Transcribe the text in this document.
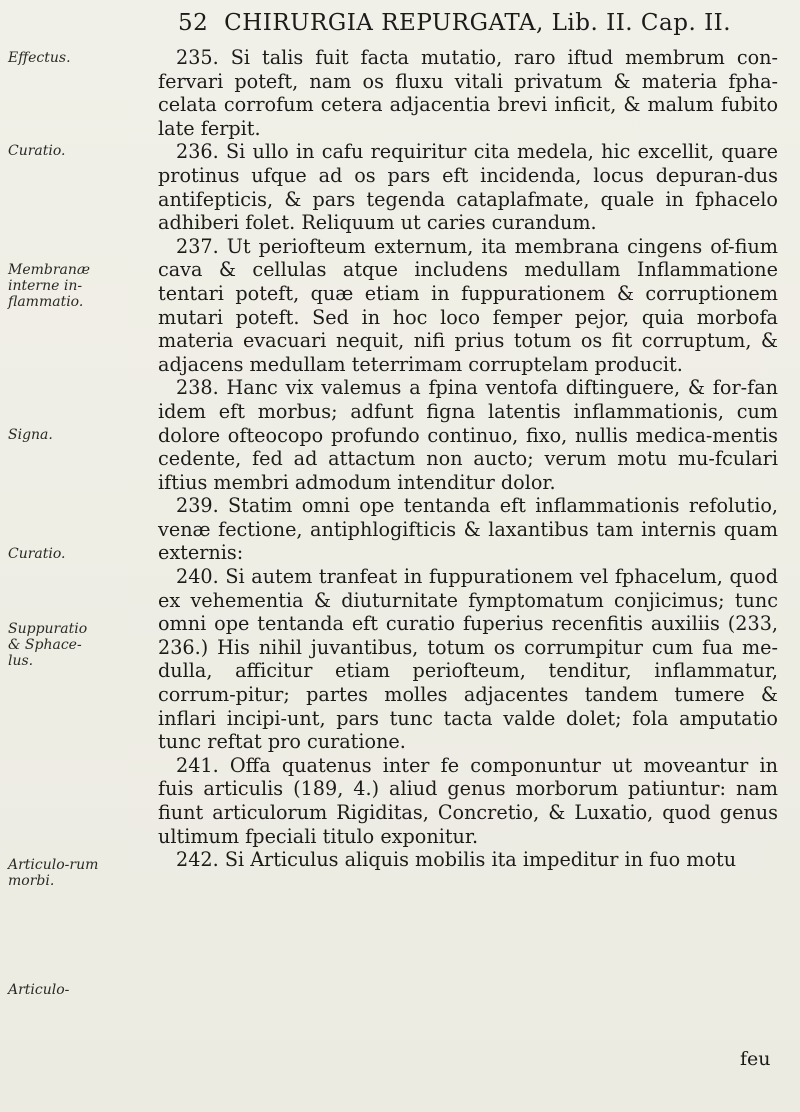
52 CHIRURGIA REPURGATA, Lib. II. Cap. II.
Effectus.
Curatio.
Membranæ interne in-flammatio.
Signa.
Curatio.
Suppuratio & Sphace-lus.
Articulo-rum morbi.
Articulo-

235. Si talis fuit facta mutatio, raro iftud membrum con-fervari poteft, nam os fluxu vitali privatum & materia fpha-celata corrofum cetera adjacentia brevi inficit, & malum fubito late ferpit.

236. Si ullo in cafu requiritur cita medela, hic excellit, quare protinus ufque ad os pars eft incidenda, locus depuran-dus antifepticis, & pars tegenda cataplafmate, quale in fphacelo adhiberi folet. Reliquum ut caries curandum.

237. Ut periofteum externum, ita membrana cingens of-fium cava & cellulas atque includens medullam Inflammatione tentari poteft, quæ etiam in fuppurationem & corruptionem mutari poteft. Sed in hoc loco femper pejor, quia morbofa materia evacuari nequit, nifi prius totum os fit corruptum, & adjacens medullam teterrimam corruptelam producit.

238. Hanc vix valemus a fpina ventofa diftinguere, & for-fan idem eft morbus; adfunt figna latentis inflammationis, cum dolore ofteocopo profundo continuo, fixo, nullis medica-mentis cedente, fed ad attactum non aucto; verum motu mu-fculari iftius membri admodum intenditur dolor.

239. Statim omni ope tentanda eft inflammationis refolutio, venæ fectione, antiphlogifticis & laxantibus tam internis quam externis:

240. Si autem tranfeat in fuppurationem vel fphacelum, quod ex vehementia & diuturnitate fymptomatum conjicimus; tunc omni ope tentanda eft curatio fuperius recenfitis auxiliis (233, 236.) His nihil juvantibus, totum os corrumpitur cum fua me-dulla, afficitur etiam periofteum, tenditur, inflammatur, corrum-pitur; partes molles adjacentes tandem tumere & inflari incipi-unt, pars tunc tacta valde dolet; fola amputatio tunc reftat pro curatione.

241. Offa quatenus inter fe componuntur ut moveantur in fuis articulis (189, 4.) aliud genus morborum patiuntur: nam fiunt articulorum Rigiditas, Concretio, & Luxatio, quod genus ultimum fpeciali titulo exponitur.

242. Si Articulus aliquis mobilis ita impeditur in fuo motu

feu
